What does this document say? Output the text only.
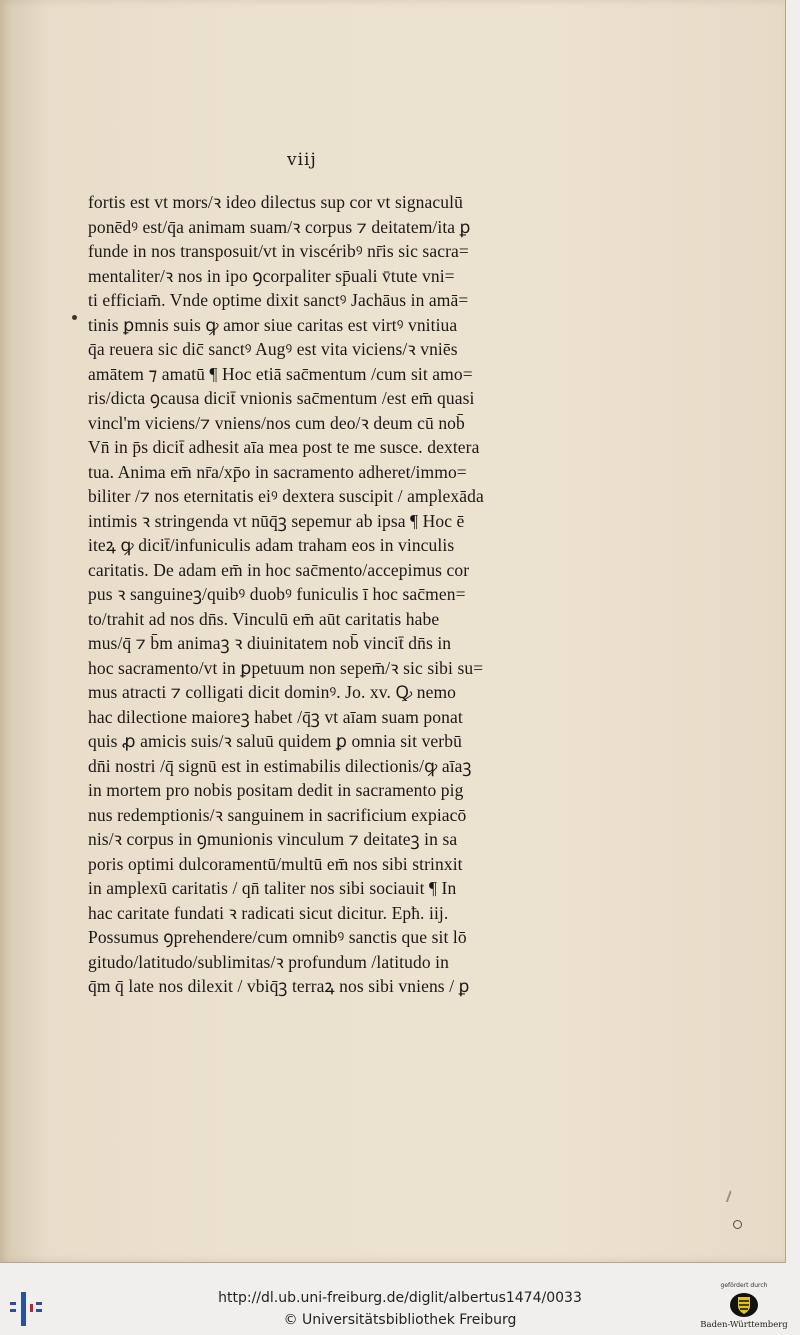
viij
fortis est vt mors/ꝛ ideo dilectus sup cor vt signaculū
ponēdꝰ est/q̄a animam suam/ꝛ corpus ⁊ deitatem/ita ꝑ
funde in nos transposuit/vt in viscéribꝰ nr̄is sic sacra=
mentaliter/ꝛ nos in ipo ꝯcorpaliter sp̄uali v̄tute vni=
ti efficiam̄. Vnde optime dixit sanctꝰ Jachāus in amā=
tinis ꝑmnis suis ꝙ amor siue caritas est virtꝰ vnitiua
q̄a reuera sic dic̄ sanctꝰ Augꝰ est vita viciens/ꝛ vniēs
amātem ⁊ amatū ¶ Hoc etiā sac̄mentum /cum sit amo=
ris/dicta ꝯcausa dicit̄ vnionis sac̄mentum /est em̄ quasi
vincl'm viciens/⁊ vniens/nos cum deo/ꝛ deum cū nob̄
Vn̄ in p̄s dicit̄ adhesit aīa mea post te me susce. dextera
tua. Anima em̄ nr̄a/xp̄o in sacramento adheret/immo=
biliter /⁊ nos eternitatis eiꝰ dextera suscipit / amplexāda
intimis ꝛ stringenda vt nūq̄ꝫ sepemur ab ipsa ¶ Hoc ē
iteꝝ ꝙ dicit̄/infuniculis adam traham eos in vinculis
caritatis. De adam em̄ in hoc sac̄mento/accepimus cor
pus ꝛ sanguineꝫ/quibꝰ duobꝰ funiculis ī hoc sac̄men=
to/trahit ad nos dn̄s. Vinculū em̄ aūt caritatis habe
mus/q̄ ⁊ b̄m animaꝫ ꝛ diuinitatem nob̄ vincit̄ dn̄s in
hoc sacramento/vt in ꝑpetuum non sepem̄/ꝛ sic sibi su=
mus atracti ⁊ colligati dicit dominꝰ. Jo. xv. Ꝙ nemo
hac dilectione maioreꝫ habet /q̄ꝫ vt aīam suam ponat
quis ꝓ amicis suis/ꝛ saluū quidem ꝑ omnia sit verbū
dn̄i nostri /q̄ signū est in estimabilis dilectionis/ꝙ aīaꝫ
in mortem pro nobis positam dedit in sacramento pig
nus redemptionis/ꝛ sanguinem in sacrificium expiacō
nis/ꝛ corpus in ꝯmunionis vinculum ⁊ deitateꝫ in sa
poris optimi dulcoramentū/multū em̄ nos sibi strinxit
in amplexū caritatis / qn̄ taliter nos sibi sociauit ¶ In
hac caritate fundati ꝛ radicati sicut dicitur. Epħ. iij.
Possumus ꝯprehendere/cum omnibꝰ sanctis que sit lō
gitudo/latitudo/sublimitas/ꝛ profundum /latitudo in
q̄m q̄ late nos dilexit / vbiq̄ꝫ terraꝝ nos sibi vniens / ꝑ
http://dl.ub.uni-freiburg.de/diglit/albertus1474/0033
© Universitätsbibliothek Freiburg
gefördert durch
Baden-Württemberg
